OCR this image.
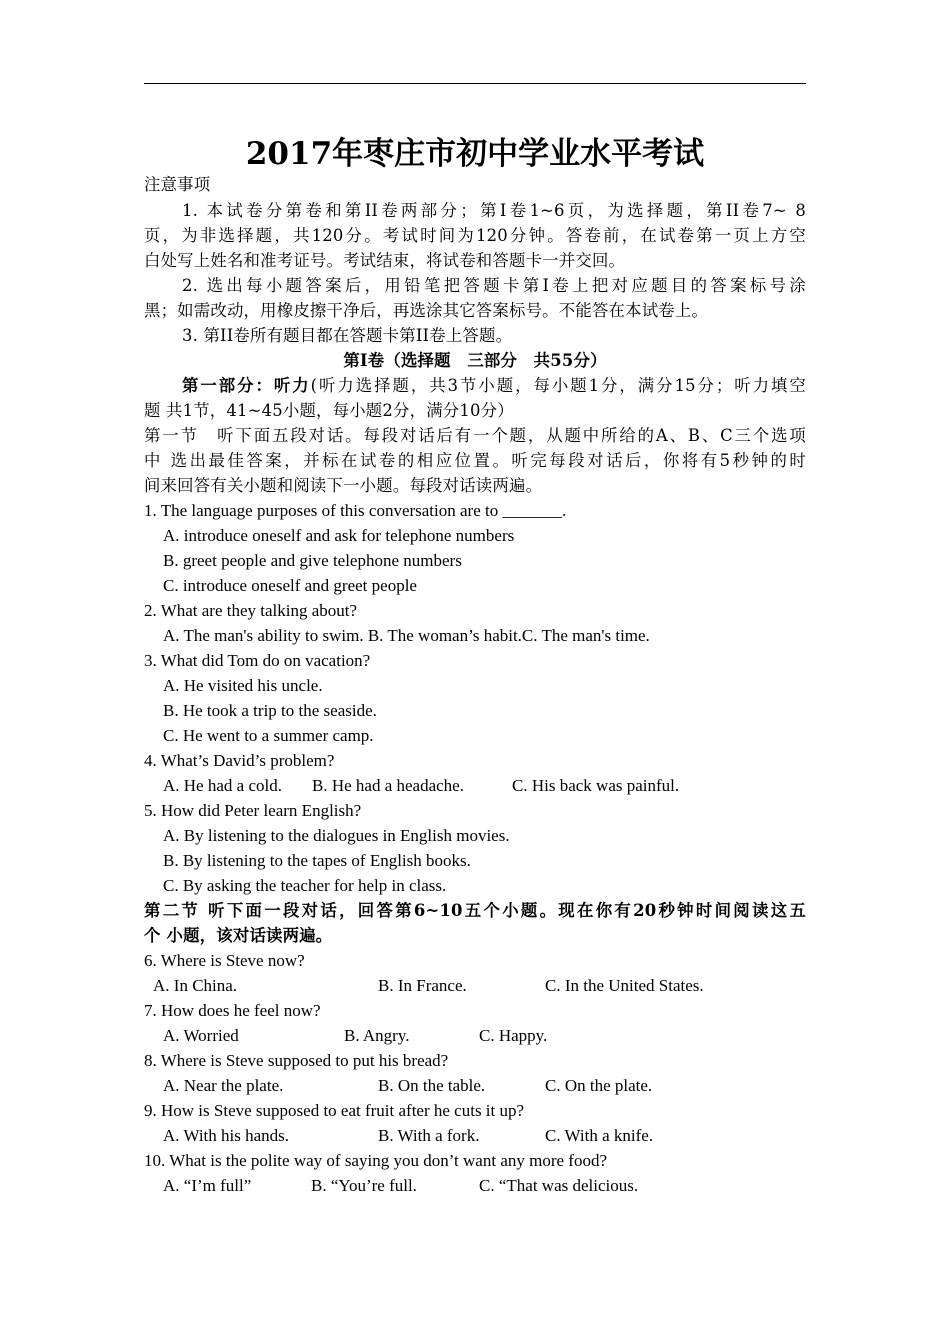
2017年枣庄市初中学业水平考试
注意事项
1. 本试卷分第卷和第II卷两部分；第I卷1~6页，为选择题，第II卷7~ 8
页，为非选择题，共120分。考试时间为120分钟。答卷前，在试卷第一页上方空
白处写上姓名和准考证号。考试结束，将试卷和答题卡一并交回。
2. 选出每小题答案后，用铅笔把答题卡第I卷上把对应题目的答案标号涂
黑；如需改动，用橡皮擦干净后，再选涂其它答案标号。不能答在本试卷上。
3. 第II卷所有题目都在答题卡第II卷上答题。
第I卷（选择题　三部分　共55分）
第一部分：听力(听力选择题，共3节小题，每小题1分，满分15分；听力填空
题 共1节，41~45小题，每小题2分，满分10分）
第一节　听下面五段对话。每段对话后有一个题，从题中所给的A、B、C三个选项
中 选出最佳答案，并标在试卷的相应位置。听完每段对话后，你将有5秒钟的时
间来回答有关小题和阅读下一小题。每段对话读两遍。
1. The language purposes of this conversation are to _______.
A. introduce oneself and ask for telephone numbers
B. greet people and give telephone numbers
C. introduce oneself and greet people
2. What are they talking about?
A. The man's ability to swim. B. The woman’s habit.C. The man's time.
3. What did Tom do on vacation?
A. He visited his uncle.
B. He took a trip to the seaside.
C. He went to a summer camp.
4. What’s David’s problem?
A. He had a cold. B. He had a headache.	C. His back was painful.
5. How did Peter learn English?
A. By listening to the dialogues in English movies.
B. By listening to the tapes of English books.
C. By asking the teacher for help in class.
第二节 听下面一段对话，回答第6~10五个小题。现在你有20秒钟时间阅读这五
个 小题，该对话读两遍。
6. Where is Steve now?
A. In China.	B. In France.	C. In the United States.
7. How does he feel now?
A. Worried	B. Angry.	C. Happy.
8. Where is Steve supposed to put his bread?
A. Near the plate.	B. On the table.	C. On the plate.
9. How is Steve supposed to eat fruit after he cuts it up?
A. With his hands.	B. With a fork.	C. With a knife.
10. What is the polite way of saying you don’t want any more food?
A. “I’m full”	B. “You’re full.	C. “That was delicious.
